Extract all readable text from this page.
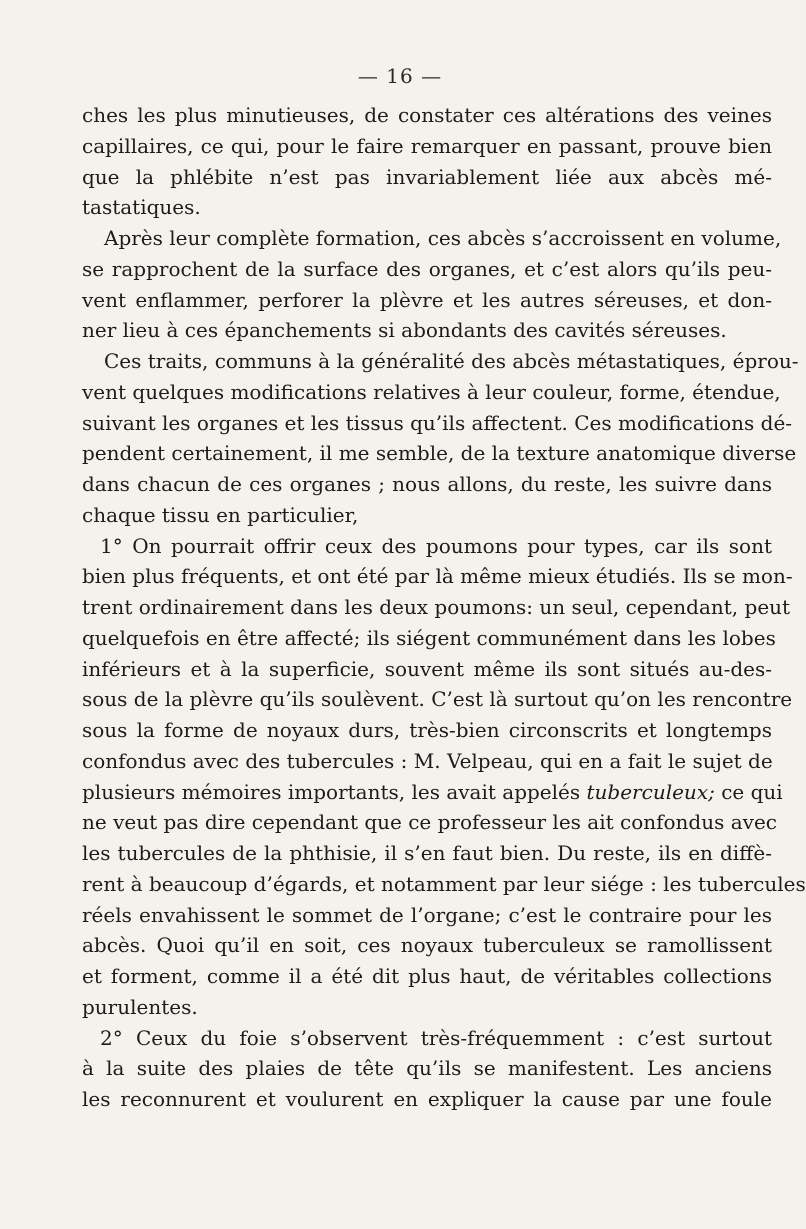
— 16 —
ches les plus minutieuses, de constater ces altérations des veines
capillaires, ce qui, pour le faire remarquer en passant, prouve bien
que la phlébite n’est pas invariablement liée aux abcès mé-
tastatiques.
Après leur complète formation, ces abcès s’accroissent en volume,
se rapprochent de la surface des organes, et c’est alors qu’ils peu-
vent enflammer, perforer la plèvre et les autres séreuses, et don-
ner lieu à ces épanchements si abondants des cavités séreuses.
Ces traits, communs à la généralité des abcès métastatiques, éprou-
vent quelques modifications relatives à leur couleur, forme, étendue,
suivant les organes et les tissus qu’ils affectent. Ces modifications dé-
pendent certainement, il me semble, de la texture anatomique diverse
dans chacun de ces organes ; nous allons, du reste, les suivre dans
chaque tissu en particulier,
1° On pourrait offrir ceux des poumons pour types, car ils sont
bien plus fréquents, et ont été par là même mieux étudiés. Ils se mon-
trent ordinairement dans les deux poumons: un seul, cependant, peut
quelquefois en être affecté; ils siégent communément dans les lobes
inférieurs et à la superficie, souvent même ils sont situés au-des-
sous de la plèvre qu’ils soulèvent. C’est là surtout qu’on les rencontre
sous la forme de noyaux durs, très-bien circonscrits et longtemps
confondus avec des tubercules : M. Velpeau, qui en a fait le sujet de
plusieurs mémoires importants, les avait appelés tuberculeux; ce qui
ne veut pas dire cependant que ce professeur les ait confondus avec
les tubercules de la phthisie, il s’en faut bien. Du reste, ils en diffè-
rent à beaucoup d’égards, et notamment par leur siége : les tubercules
réels envahissent le sommet de l’organe; c’est le contraire pour les
abcès. Quoi qu’il en soit, ces noyaux tuberculeux se ramollissent
et forment, comme il a été dit plus haut, de véritables collections
purulentes.
2° Ceux du foie s’observent très-fréquemment : c’est surtout
à la suite des plaies de tête qu’ils se manifestent. Les anciens
les reconnurent et voulurent en expliquer la cause par une foule
